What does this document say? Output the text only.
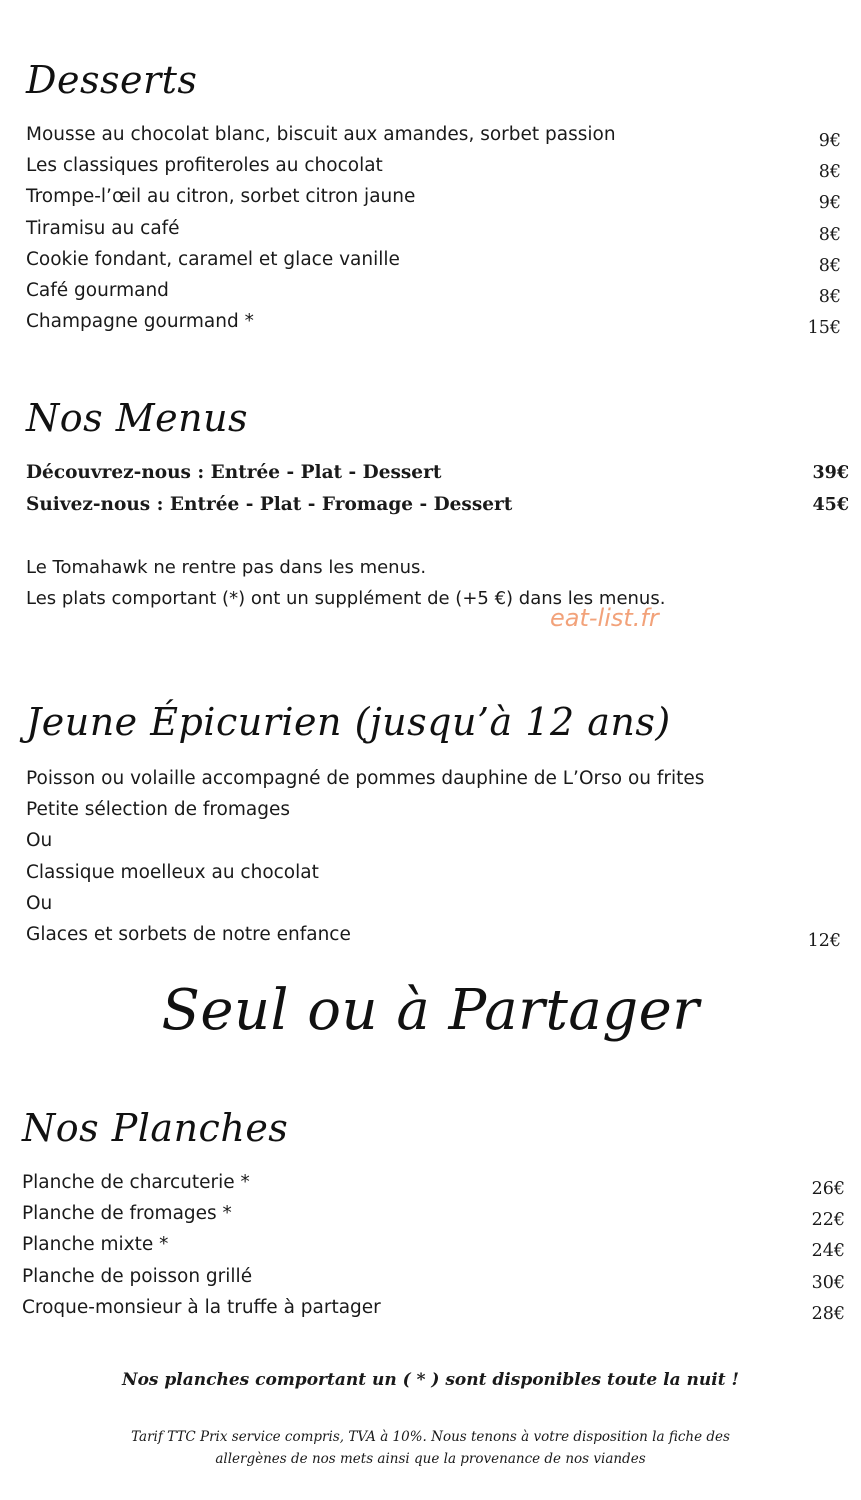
Desserts
Mousse au chocolat blanc, biscuit aux amandes, sorbet passion	9€
Les classiques profiteroles au chocolat	8€
Trompe-l’œil au citron, sorbet citron jaune	9€
Tiramisu au café	8€
Cookie fondant, caramel et glace vanille	8€
Café gourmand	8€
Champagne gourmand *	15€
Nos Menus
Découvrez-nous : Entrée - Plat - Dessert	39€
Suivez-nous : Entrée - Plat - Fromage - Dessert	45€
Le Tomahawk ne rentre pas dans les menus.
Les plats comportant (*) ont un supplément de (+5 €) dans les menus.
eat-list.fr
Jeune Épicurien (jusqu’à 12 ans)
Poisson ou volaille accompagné de pommes dauphine de L’Orso ou frites
Petite sélection de fromages
Ou
Classique moelleux au chocolat
Ou
Glaces et sorbets de notre enfance	12€
Seul ou à Partager
Nos Planches
Planche de charcuterie *	26€
Planche de fromages *	22€
Planche mixte *	24€
Planche de poisson grillé	30€
Croque-monsieur à la truffe à partager	28€
Nos planches comportant un ( * ) sont disponibles toute la nuit !
Tarif TTC Prix service compris, TVA à 10%. Nous tenons à votre disposition la fiche des
allergènes de nos mets ainsi que la provenance de nos viandes
